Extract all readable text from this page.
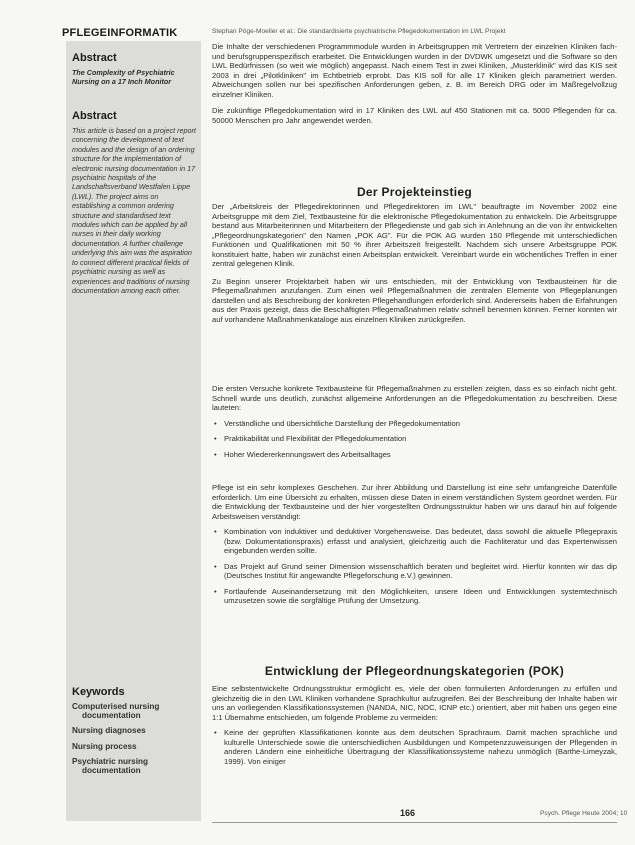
PFLEGEINFORMATIK	Stephan Pöge-Moeller et al.: Die standardisierte psychiatrische Pflegedokumentation im LWL Projekt
Abstract
The Complexity of Psychiatric Nursing on a 17 Inch Monitor
Abstract
This article is based on a project report concerning the development of text modules and the design of an ordering structure for the implementation of electronic nursing documentation in 17 psychiatric hospitals of the Landschaftsverband Westfalen Lippe (LWL). The project aims on establishing a common ordering structure and standardised text modules which can be applied by all nurses in their daily working documentation. A further challenge underlying this aim was the aspiration to connect different practical fields of psychiatric nursing as well as experiences and traditions of nursing documentation among each other.
Keywords
Computerised nursing
documentation
Nursing diagnoses
Nursing process
Psychiatric nursing
documentation

Die Inhalte der verschiedenen Programmmodule wurden in Arbeitsgruppen mit Vertretern der einzelnen Kliniken fach- und berufsgruppenspezifisch erarbeitet. Die Entwicklungen wurden in der DVDWK umgesetzt und die Software so den LWL Bedürfnissen (so weit wie möglich) angepasst. Nach einem Test in zwei Kliniken, „Musterklinik" wird das KIS seit 2003 in drei „Pilotkliniken" im Echtbetrieb erprobt. Das KIS soll für alle 17 Kliniken gleich parametriert werden. Abweichungen sollen nur bei spezifischen Anforderungen geben, z. B. im Bereich DRG oder im Maßregelvollzug einzelner Kliniken.

Die zukünftige Pflegedokumentation wird in 17 Kliniken des LWL auf 450 Stationen mit ca. 5000 Pflegenden für ca. 50000 Menschen pro Jahr angewendet werden.

Der Projekteinstieg

Der „Arbeitskreis der Pflegedirektorinnen und Pflegedirektoren im LWL" beauftragte im November 2002 eine Arbeitsgruppe mit dem Ziel, Textbausteine für die elektronische Pflegedokumentation zu entwickeln. Die Arbeitsgruppe bestand aus Mitarbeiterinnen und Mitarbeitern der Pflegedienste und gab sich in Anlehnung an die von ihr entwickelten „Pflegeordnungskategorien" den Namen „POK AG". Für die POK AG wurden 150 Pflegende mit unterschiedlichen Funktionen und Qualifikationen mit 50 % ihrer Arbeitszeit freigestellt. Nachdem sich unsere Arbeitsgruppe POK konstituiert hatte, haben wir zunächst einen Arbeitsplan entwickelt. Vereinbart wurde ein wöchentliches Treffen in einer zentral gelegenen Klinik.

Zu Beginn unserer Projektarbeit haben wir uns entschieden, mit der Entwicklung von Textbausteinen für die Pflegemaßnahmen anzufangen. Zum einen weil Pflegemaßnahmen die zentralen Elemente von Pflegeplanungen darstellen und als Beschreibung der konkreten Pflegehandlungen erforderlich sind. Andererseits haben die Erfahrungen aus der Praxis gezeigt, dass die Beschäftigten Pflegemaßnahmen relativ schnell benennen können. Ferner konnten wir auf vorhandene Maßnahmenkataloge aus einzelnen Kliniken zurückgreifen.

Die ersten Versuche konkrete Textbausteine für Pflegemaßnahmen zu erstellen zeigten, dass es so einfach nicht geht. Schnell wurde uns deutlich, zunächst allgemeine Anforderungen an die Pflegedokumentation zu beschreiben. Diese lauteten:

• Verständliche und übersichtliche Darstellung der Pflegedokumentation
• Praktikabilität und Flexibilität der Pflegedokumentation
• Hoher Wiedererkennungswert des Arbeitsalltages

Pflege ist ein sehr komplexes Geschehen. Zur ihrer Abbildung und Darstellung ist eine sehr umfangreiche Datenfülle erforderlich. Um eine Übersicht zu erhalten, müssen diese Daten in einem verständlichen System geordnet werden. Für die Entwicklung der Textbausteine und der hier vorgestellten Ordnungsstruktur haben wir uns darauf hin auf folgende Arbeitsweisen verständigt:

• Kombination von induktiver und deduktiver Vorgehensweise. Das bedeutet, dass sowohl die aktuelle Pflegepraxis (bzw. Dokumentationspraxis) erfasst und analysiert, gleichzeitig auch die Fachliteratur und das Expertenwissen eingebunden werden sollte.
• Das Projekt auf Grund seiner Dimension wissenschaftlich beraten und begleitet wird. Hierfür konnten wir das dip (Deutsches Institut für angewandte Pflegeforschung e.V.) gewinnen.
• Fortlaufende Auseinandersetzung mit den Möglichkeiten, unsere Ideen und Entwicklungen systemtechnisch umzusetzen sowie die sorgfältige Prüfung der Umsetzung.
Entwicklung der Pflegeordnungskategorien (POK)

Eine selbstentwickelte Ordnungsstruktur ermöglicht es, viele der oben formulierten Anforderungen zu erfüllen und gleichzeitig die in den LWL Kliniken vorhandene Sprachkultur aufzugreifen. Bei der Beschreibung der Inhalte haben wir uns an vorliegenden Klassifikationssystemen (NANDA, NIC, NOC, ICNP etc.) orientiert, aber mit haben uns gegen eine 1:1 Übernahme entschieden, um folgende Probleme zu vermeiden:

• Keine der geprüften Klassifikationen konnte aus dem deutschen Sprachraum. Damit machen sprachliche und kulturelle Unterschiede sowie die unterschiedlichen Ausbildungen und Kompetenzzuweisungen der Pflegenden in anderen Ländern eine einheitliche Übertragung der Klassifikationssysteme nahezu unmöglich (Barthe-Limeyzak, 1999). Von einiger
166	Psych. Pflege Heute 2004; 10
